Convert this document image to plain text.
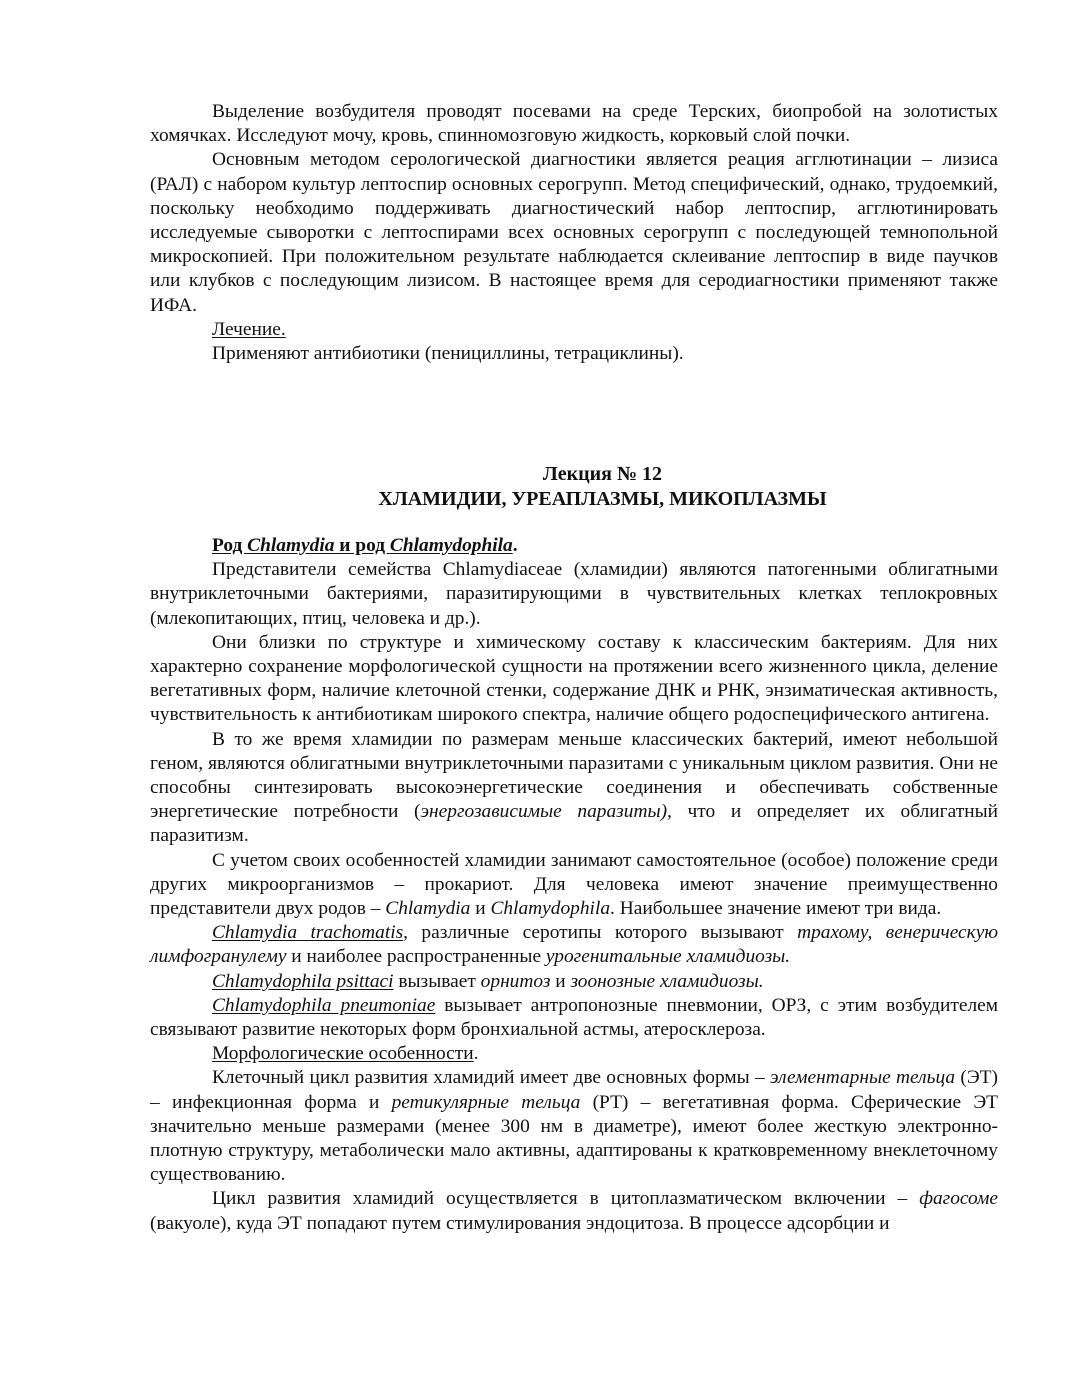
Выделение возбудителя проводят посевами на среде Терских, биопробой на золотистых хомячках. Исследуют мочу, кровь, спинномозговую жидкость, корковый слой почки.

Основным методом серологической диагностики является реация агглютинации – лизиса (РАЛ) с набором культур лептоспир основных серогрупп. Метод специфический, однако, трудоемкий, поскольку необходимо поддерживать диагностический набор лептоспир, агглютинировать исследуемые сыворотки с лептоспирами всех основных серогрупп с последующей темнопольной микроскопией. При положительном результате наблюдается склеивание лептоспир в виде паучков или клубков с последующим лизисом. В настоящее время для серодиагностики применяют также ИФА.

Лечение.

Применяют антибиотики (пенициллины, тетрациклины).

Лекция № 12
ХЛАМИДИИ, УРЕАПЛАЗМЫ, МИКОПЛАЗМЫ

Род Chlamydia и род Chlamydophila.

Представители семейства Chlamydiaceae (хламидии) являются патогенными облигатными внутриклеточными бактериями, паразитирующими в чувствительных клетках теплокровных (млекопитающих, птиц, человека и др.).

Они близки по структуре и химическому составу к классическим бактериям. Для них характерно сохранение морфологической сущности на протяжении всего жизненного цикла, деление вегетативных форм, наличие клеточной стенки, содержание ДНК и РНК, энзиматическая активность, чувствительность к антибиотикам широкого спектра, наличие общего родоспецифического антигена.

В то же время хламидии по размерам меньше классических бактерий, имеют небольшой геном, являются облигатными внутриклеточными паразитами с уникальным циклом развития. Они не способны синтезировать высокоэнергетические соединения и обеспечивать собственные энергетические потребности (энергозависимые паразиты), что и определяет их облигатный паразитизм.

С учетом своих особенностей хламидии занимают самостоятельное (особое) положение среди других микроорганизмов – прокариот. Для человека имеют значение преимущественно представители двух родов – Chlamydia и Chlamydophila. Наибольшее значение имеют три вида.

Chlamydia trachomatis, различные серотипы которого вызывают трахому, венерическую лимфогранулему и наиболее распространенные урогенитальные хламидиозы.

Chlamydophila psittaci вызывает орнитоз и зоонозные хламидиозы.

Chlamydophila pneumoniae вызывает антропонозные пневмонии, ОРЗ, с этим возбудителем связывают развитие некоторых форм бронхиальной астмы, атеросклероза.

Морфологические особенности.

Клеточный цикл развития хламидий имеет две основных формы – элементарные тельца (ЭТ) – инфекционная форма и ретикулярные тельца (РТ) – вегетативная форма. Сферические ЭТ значительно меньше размерами (менее 300 нм в диаметре), имеют более жесткую электронно-плотную структуру, метаболически мало активны, адаптированы к кратковременному внеклеточному существованию.

Цикл развития хламидий осуществляется в цитоплазматическом включении – фагосоме (вакуоле), куда ЭТ попадают путем стимулирования эндоцитоза. В процессе адсорбции и
